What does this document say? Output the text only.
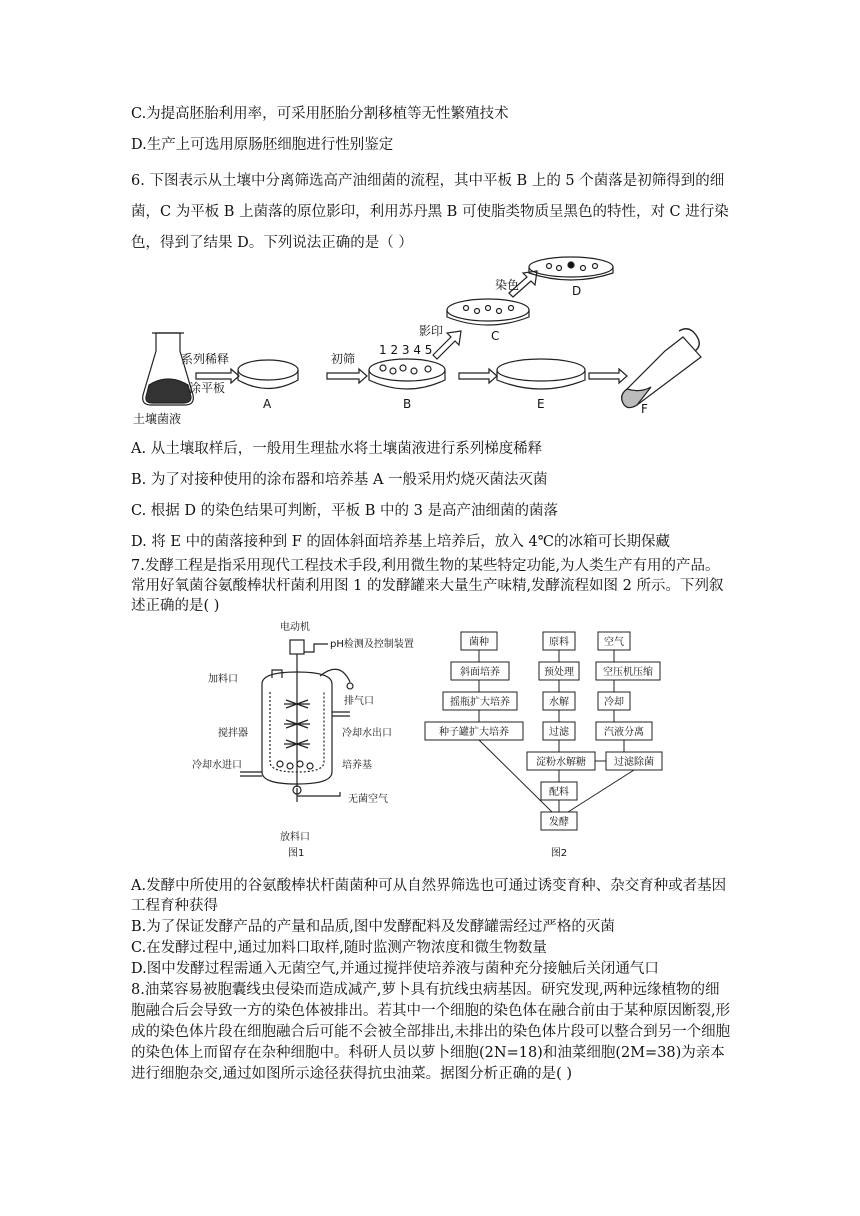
C.为提高胚胎利用率，可采用胚胎分割移植等无性繁殖技术
D.生产上可选用原肠胚细胞进行性别鉴定
6. 下图表示从土壤中分离筛选高产油细菌的流程，其中平板 B 上的 5 个菌落是初筛得到的细菌，C 为平板 B 上菌落的原位影印，利用苏丹黑 B 可使脂类物质呈黑色的特性，对 C 进行染色，得到了结果 D。下列说法正确的是（ ）
土壤菌液
系列稀释
涂平板
初筛
1 2 3 4 5
影印
染色
A	B
C
D
E	F
A. 从土壤取样后，一般用生理盐水将土壤菌液进行系列梯度稀释
B. 为了对接种使用的涂布器和培养基 A 一般采用灼烧灭菌法灭菌
C. 根据 D 的染色结果可判断，平板 B 中的 3 是高产油细菌的菌落
D. 将 E 中的菌落接种到 F 的固体斜面培养基上培养后，放入 4℃的冰箱可长期保藏
7.发酵工程是指采用现代工程技术手段,利用微生物的某些特定功能,为人类生产有用的产品。常用好氧菌谷氨酸棒状杆菌利用图 1 的发酵罐来大量生产味精,发酵流程如图 2 所示。下列叙述正确的是( )
电动机
pH检测及控制装置
加料口
排气口
搅拌器	冷却水出口
冷却水进口	培养基
无菌空气
放料口
图1
菌种
斜面培养
摇瓶扩大培养
种子罐扩大培养
原料
预处理
水解
过滤
淀粉水解糖
空气
空压机压缩
冷却
汽液分离
过滤除菌
配料
发酵
图2
A.发酵中所使用的谷氨酸棒状杆菌菌种可从自然界筛选也可通过诱变育种、杂交育种或者基因工程育种获得
B.为了保证发酵产品的产量和品质,图中发酵配料及发酵罐需经过严格的灭菌
C.在发酵过程中,通过加料口取样,随时监测产物浓度和微生物数量
D.图中发酵过程需通入无菌空气,并通过搅拌使培养液与菌种充分接触后关闭通气口
8.油菜容易被胞囊线虫侵染而造成减产,萝卜具有抗线虫病基因。研究发现,两种远缘植物的细胞融合后会导致一方的染色体被排出。若其中一个细胞的染色体在融合前由于某种原因断裂,形成的染色体片段在细胞融合后可能不会被全部排出,未排出的染色体片段可以整合到另一个细胞的染色体上而留存在杂种细胞中。科研人员以萝卜细胞(2N=18)和油菜细胞(2M=38)为亲本进行细胞杂交,通过如图所示途径获得抗虫油菜。据图分析正确的是( )
